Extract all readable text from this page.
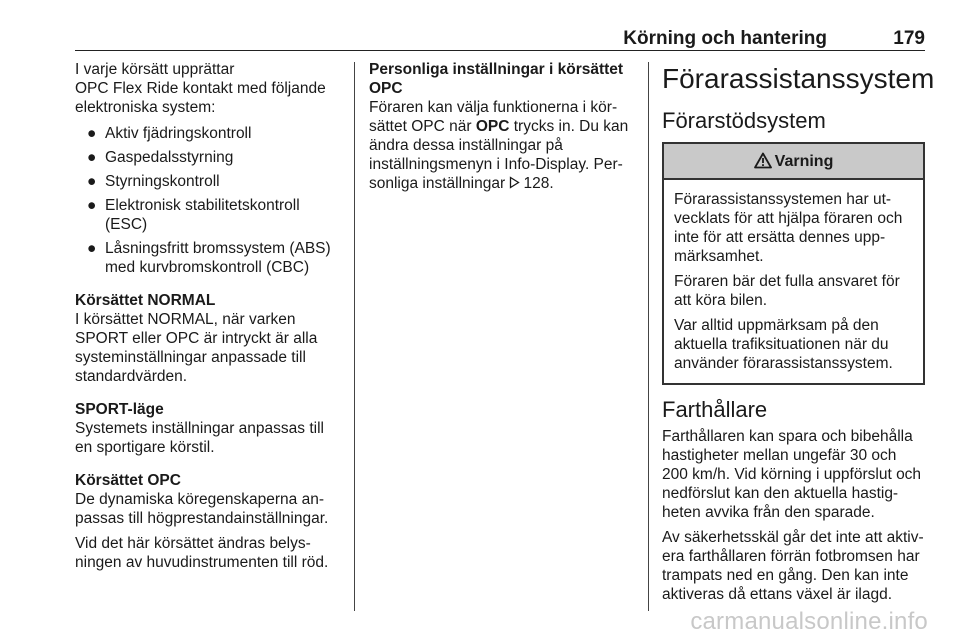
Körning och hantering	179

I varje körsätt upprättar
OPC Flex Ride kontakt med följande
elektroniska system:

● Aktiv fjädringskontroll
● Gaspedalsstyrning
● Styrningskontroll
● Elektronisk stabilitetskontroll
(ESC)
● Låsningsfritt bromssystem (ABS)
med kurvbromskontroll (CBC)
Körsättet NORMAL

I körsättet NORMAL, när varken
SPORT eller OPC är intryckt är alla
systeminställningar anpassade till
standardvärden.

SPORT-läge

Systemets inställningar anpassas till
en sportigare körstil.

Körsättet OPC

De dynamiska köregenskaperna an-
passas till högprestandainställningar.

Vid det här körsättet ändras belys-
ningen av huvudinstrumenten till röd.

Personliga inställningar i körsättet
OPC

Föraren kan välja funktionerna i kör-
sättet OPC när OPC trycks in. Du kan
ändra dessa inställningar på
inställningsmenyn i Info-Display. Per-
sonliga inställningar 128.

Förarassistanssystem
Förarstödsystem
Varning

Förarassistanssystemen har ut-
vecklats för att hjälpa föraren och
inte för att ersätta dennes upp-
märksamhet.

Föraren bär det fulla ansvaret för
att köra bilen.

Var alltid uppmärksam på den
aktuella trafiksituationen när du
använder förarassistanssystem.

Farthållare

Farthållaren kan spara och bibehålla
hastigheter mellan ungefär 30 och
200 km/h. Vid körning i uppförslut och
nedförslut kan den aktuella hastig-
heten avvika från den sparade.

Av säkerhetsskäl går det inte att aktiv-
era farthållaren förrän fotbromsen har
trampats ned en gång. Den kan inte
aktiveras då ettans växel är ilagd.

carmanualsonline.info
